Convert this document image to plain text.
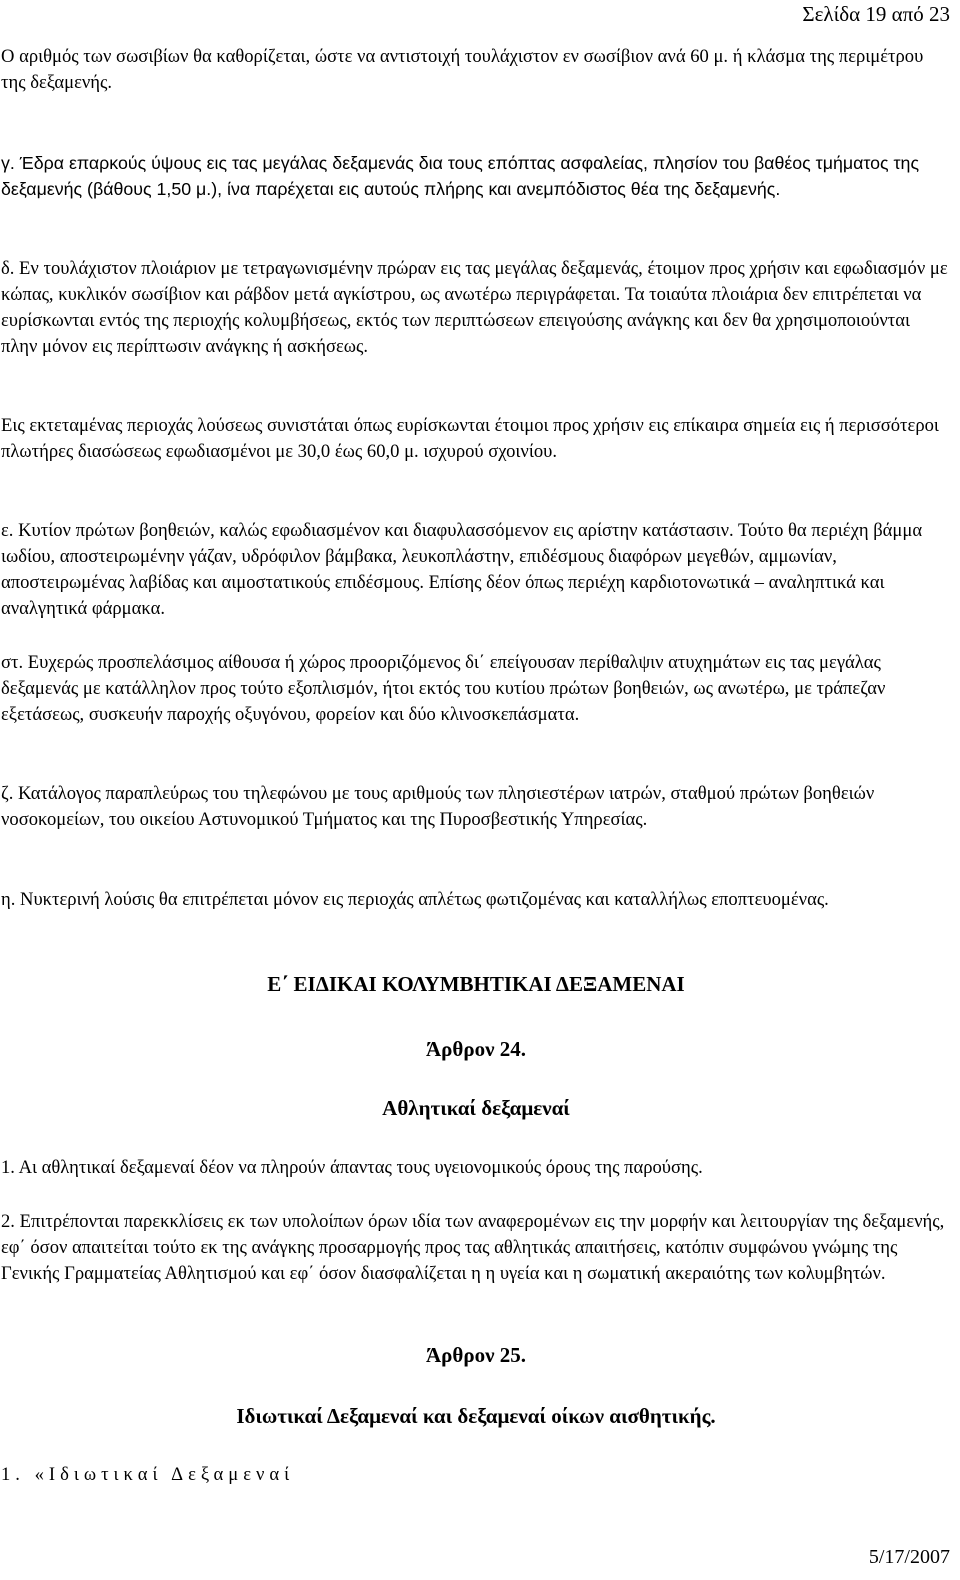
Σελίδα 19 από 23

Ο αριθμός των σωσιβίων θα καθορίζεται, ώστε να αντιστοιχή τουλάχιστον εν σωσίβιον ανά 60 μ. ή κλάσμα της περιμέτρου της δεξαμενής.

γ. Έδρα επαρκούς ύψους εις τας μεγάλας δεξαμενάς δια τους επόπτας ασφαλείας, πλησίον του βαθέος τμήματος της δεξαμενής (βάθους 1,50 μ.), ίνα παρέχεται εις αυτούς πλήρης και ανεμπόδιστος θέα της δεξαμενής.

δ. Εν τουλάχιστον πλοιάριον με τετραγωνισμένην πρώραν εις τας μεγάλας δεξαμενάς, έτοιμον προς χρήσιν και εφωδιασμόν με κώπας, κυκλικόν σωσίβιον και ράβδον μετά αγκίστρου, ως ανωτέρω περιγράφεται. Τα τοιαύτα πλοιάρια δεν επιτρέπεται να ευρίσκωνται εντός της περιοχής κολυμβήσεως, εκτός των περιπτώσεων επειγούσης ανάγκης και δεν θα χρησιμοποιούνται πλην μόνον εις περίπτωσιν ανάγκης ή ασκήσεως.

Εις εκτεταμένας περιοχάς λούσεως συνιστάται όπως ευρίσκωνται έτοιμοι προς χρήσιν εις επίκαιρα σημεία εις ή περισσότεροι πλωτήρες διασώσεως εφωδιασμένοι με 30,0 έως 60,0 μ. ισχυρού σχοινίου.

ε. Κυτίον πρώτων βοηθειών, καλώς εφωδιασμένον και διαφυλασσόμενον εις αρίστην κατάστασιν. Τούτο θα περιέχη βάμμα ιωδίου, αποστειρωμένην γάζαν, υδρόφιλον βάμβακα, λευκοπλάστην, επιδέσμους διαφόρων μεγεθών, αμμωνίαν, αποστειρωμένας λαβίδας και αιμοστατικούς επιδέσμους. Επίσης δέον όπως περιέχη καρδιοτονωτικά – αναληπτικά και αναλγητικά φάρμακα.

στ. Ευχερώς προσπελάσιμος αίθουσα ή χώρος προοριζόμενος δι΄ επείγουσαν περίθαλψιν ατυχημάτων εις τας μεγάλας δεξαμενάς με κατάλληλον προς τούτο εξοπλισμόν, ήτοι εκτός του κυτίου πρώτων βοηθειών, ως ανωτέρω, με τράπεζαν εξετάσεως, συσκευήν παροχής οξυγόνου, φορείον και δύο κλινοσκεπάσματα.

ζ. Κατάλογος παραπλεύρως του τηλεφώνου με τους αριθμούς των πλησιεστέρων ιατρών, σταθμού πρώτων βοηθειών νοσοκομείων, του οικείου Αστυνομικού Τμήματος και της Πυροσβεστικής Υπηρεσίας.

η. Νυκτερινή λούσις θα επιτρέπεται μόνον εις περιοχάς απλέτως φωτιζομένας και καταλλήλως εποπτευομένας.

Ε΄ ΕΙΔΙΚΑΙ ΚΟΛΥΜΒΗΤΙΚΑΙ ΔΕΞΑΜΕΝΑΙ
Άρθρον 24.
Αθλητικαί δεξαμεναί

1. Αι αθλητικαί δεξαμεναί δέον να πληρούν άπαντας τους υγειονομικούς όρους της παρούσης.

2. Επιτρέπονται παρεκκλίσεις εκ των υπολοίπων όρων ιδία των αναφερομένων εις την μορφήν και λειτουργίαν της δεξαμενής, εφ΄ όσον απαιτείται τούτο εκ της ανάγκης προσαρμογής προς τας αθλητικάς απαιτήσεις, κατόπιν συμφώνου γνώμης της Γενικής Γραμματείας Αθλητισμού και εφ΄ όσον διασφαλίζεται η η υγεία και η σωματική ακεραιότης των κολυμβητών.

Άρθρον 25.
Ιδιωτικαί Δεξαμεναί και δεξαμεναί οίκων αισθητικής.

1. «Ιδιωτικαί Δεξαμεναί

5/17/2007
